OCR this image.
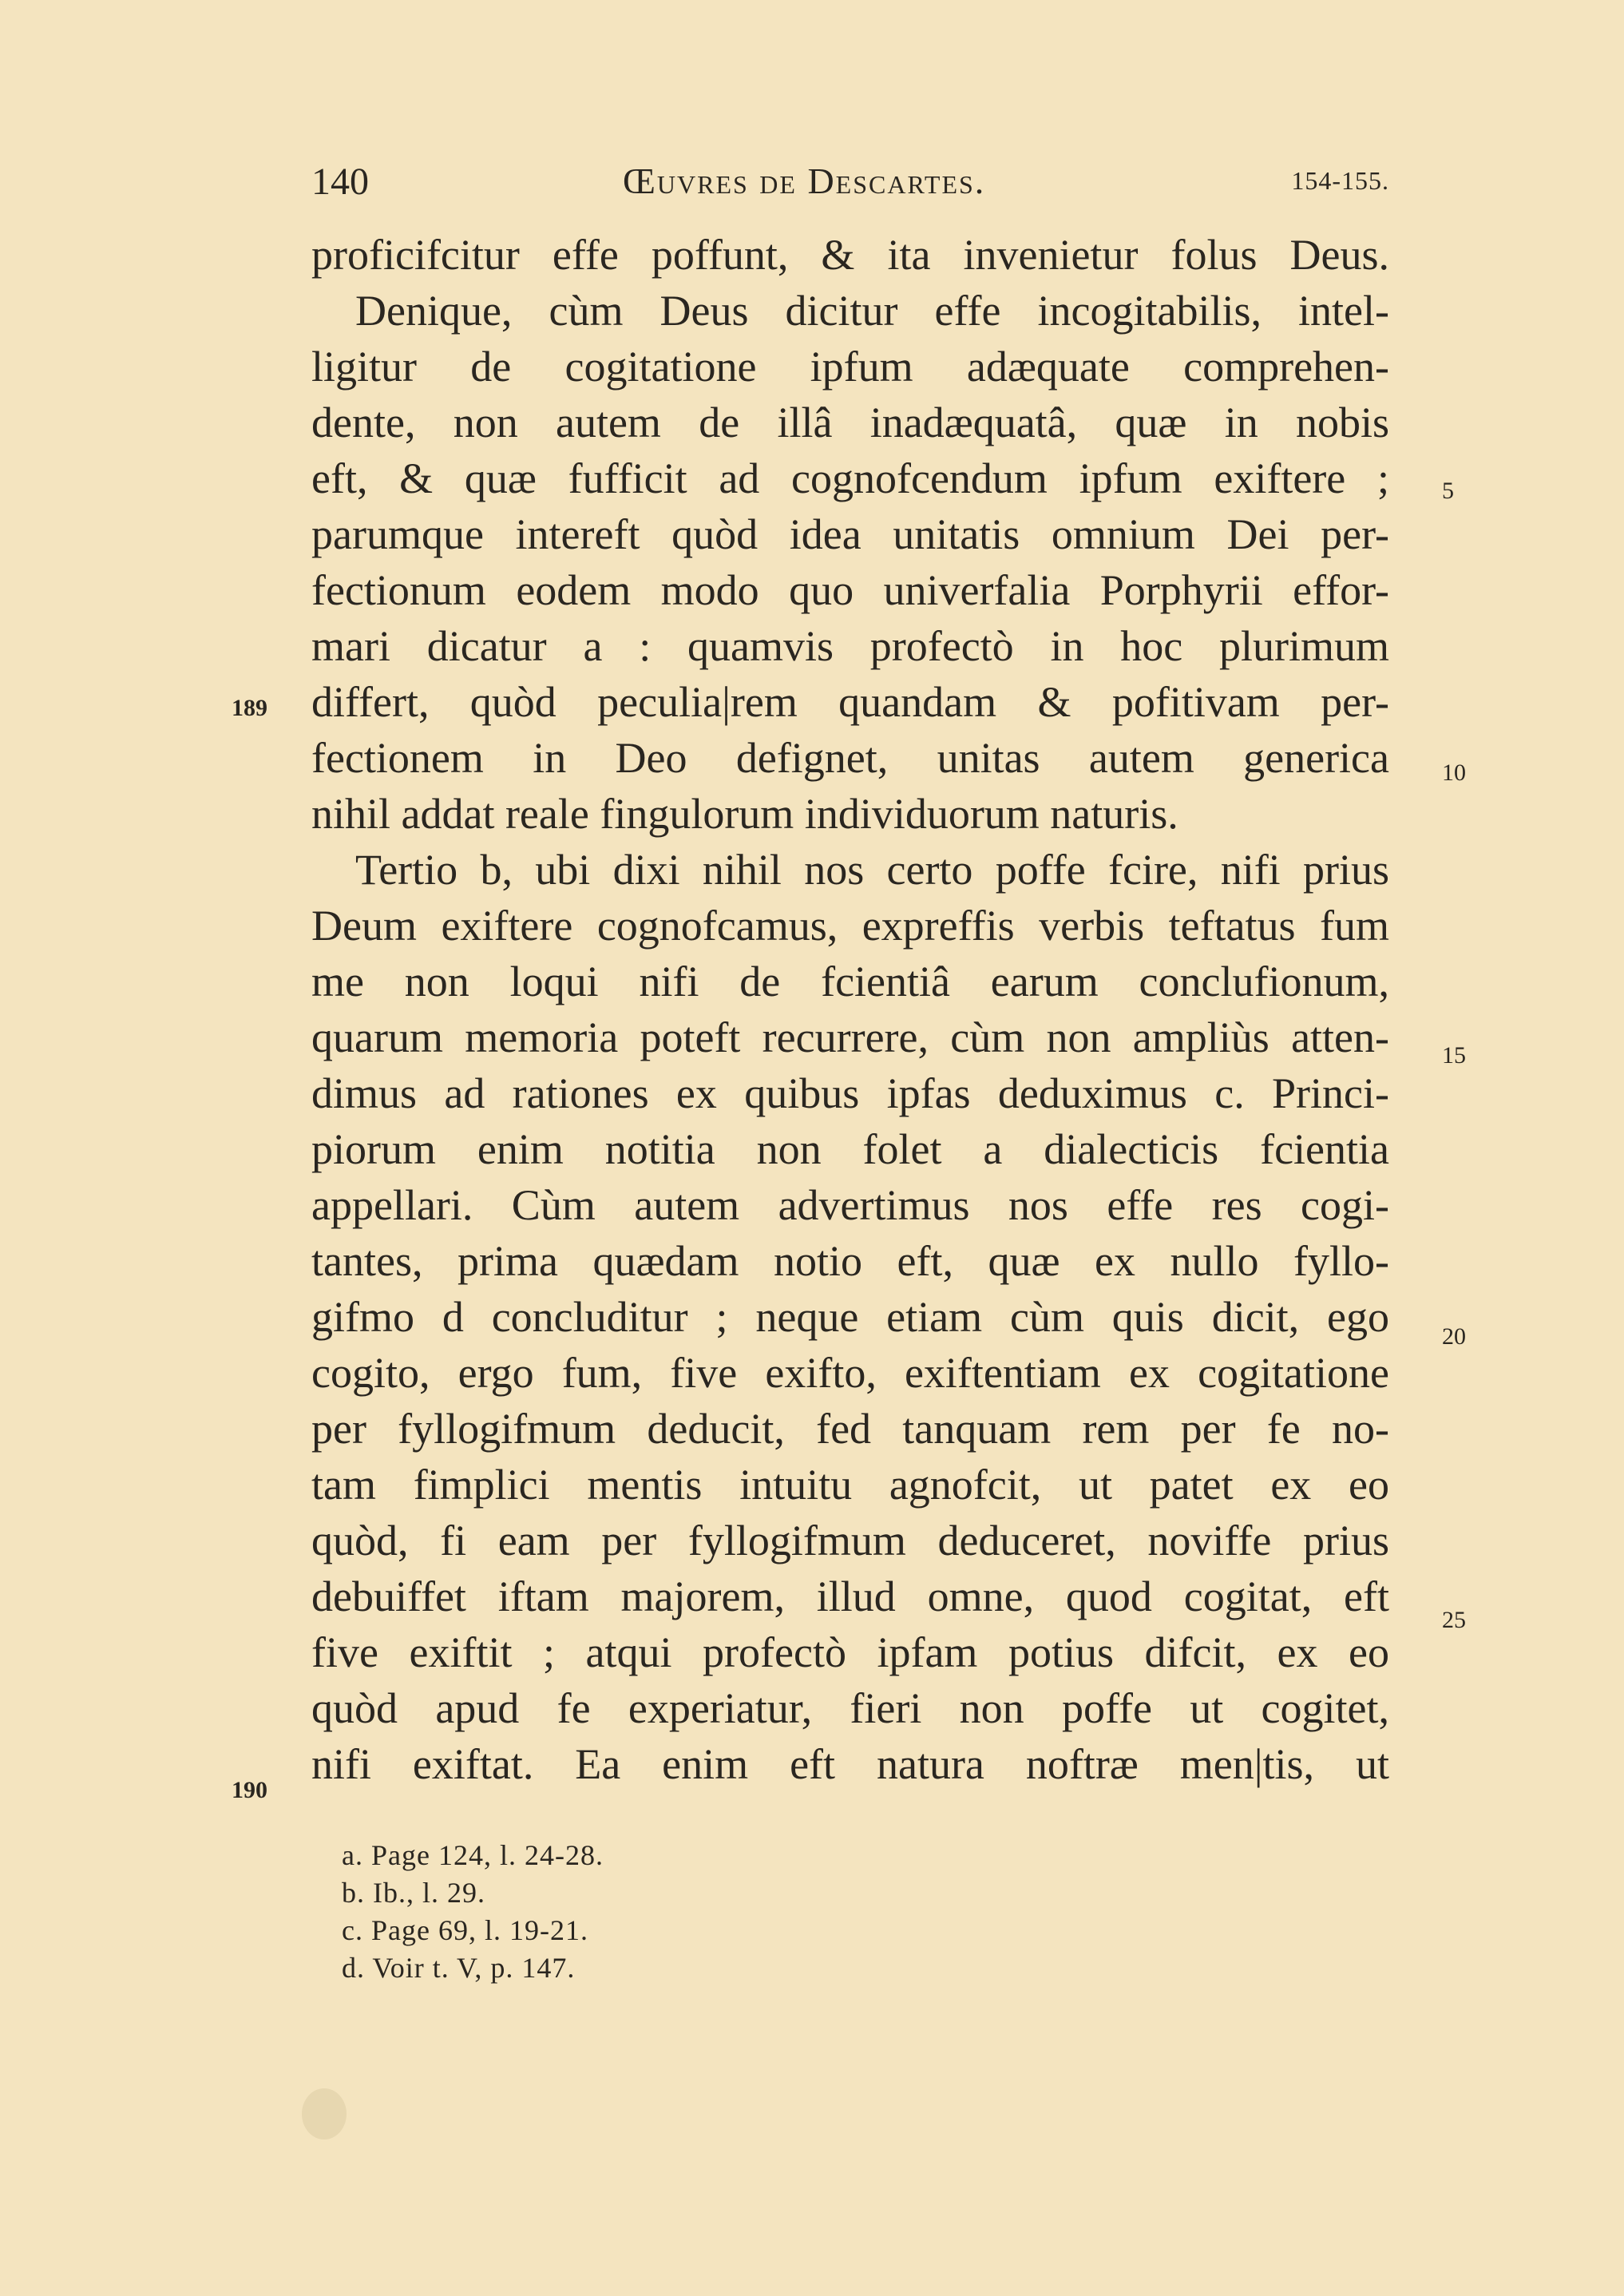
140	Œuvres de Descartes.	154-155.
proficifcitur effe poffunt, & ita invenietur folus Deus.
Denique, cùm Deus dicitur effe incogitabilis, intel-
ligitur de cogitatione ipfum adæquate comprehen-
dente, non autem de illâ inadæquatâ, quæ in nobis
eft, & quæ fufficit ad cognofcendum ipfum exiftere ;
parumque intereft quòd idea unitatis omnium Dei per-
fectionum eodem modo quo univerfalia Porphyrii effor-
mari dicatur a : quamvis profectò in hoc plurimum
differt, quòd peculia|rem quandam & pofitivam per-
fectionem in Deo defignet, unitas autem generica
nihil addat reale fingulorum individuorum naturis.
Tertio b, ubi dixi nihil nos certo poffe fcire, nifi prius
Deum exiftere cognofcamus, expreffis verbis teftatus fum
me non loqui nifi de fcientiâ earum conclufionum,
quarum memoria poteft recurrere, cùm non ampliùs atten-
dimus ad rationes ex quibus ipfas deduximus c. Princi-
piorum enim notitia non folet a dialecticis fcientia
appellari. Cùm autem advertimus nos effe res cogi-
tantes, prima quædam notio eft, quæ ex nullo fyllo-
gifmo d concluditur ; neque etiam cùm quis dicit, ego
cogito, ergo fum, five exifto, exiftentiam ex cogitatione
per fyllogifmum deducit, fed tanquam rem per fe no-
tam fimplici mentis intuitu agnofcit, ut patet ex eo
quòd, fi eam per fyllogifmum deduceret, noviffe prius
debuiffet iftam majorem, illud omne, quod cogitat, eft
five exiftit ; atqui profectò ipfam potius difcit, ex eo
quòd apud fe experiatur, fieri non poffe ut cogitet,
nifi exiftat. Ea enim eft natura noftræ men|tis, ut
189
190
5
10
15
20
25
a. Page 124, l. 24-28.
b. Ib., l. 29.
c. Page 69, l. 19-21.
d. Voir t. V, p. 147.
